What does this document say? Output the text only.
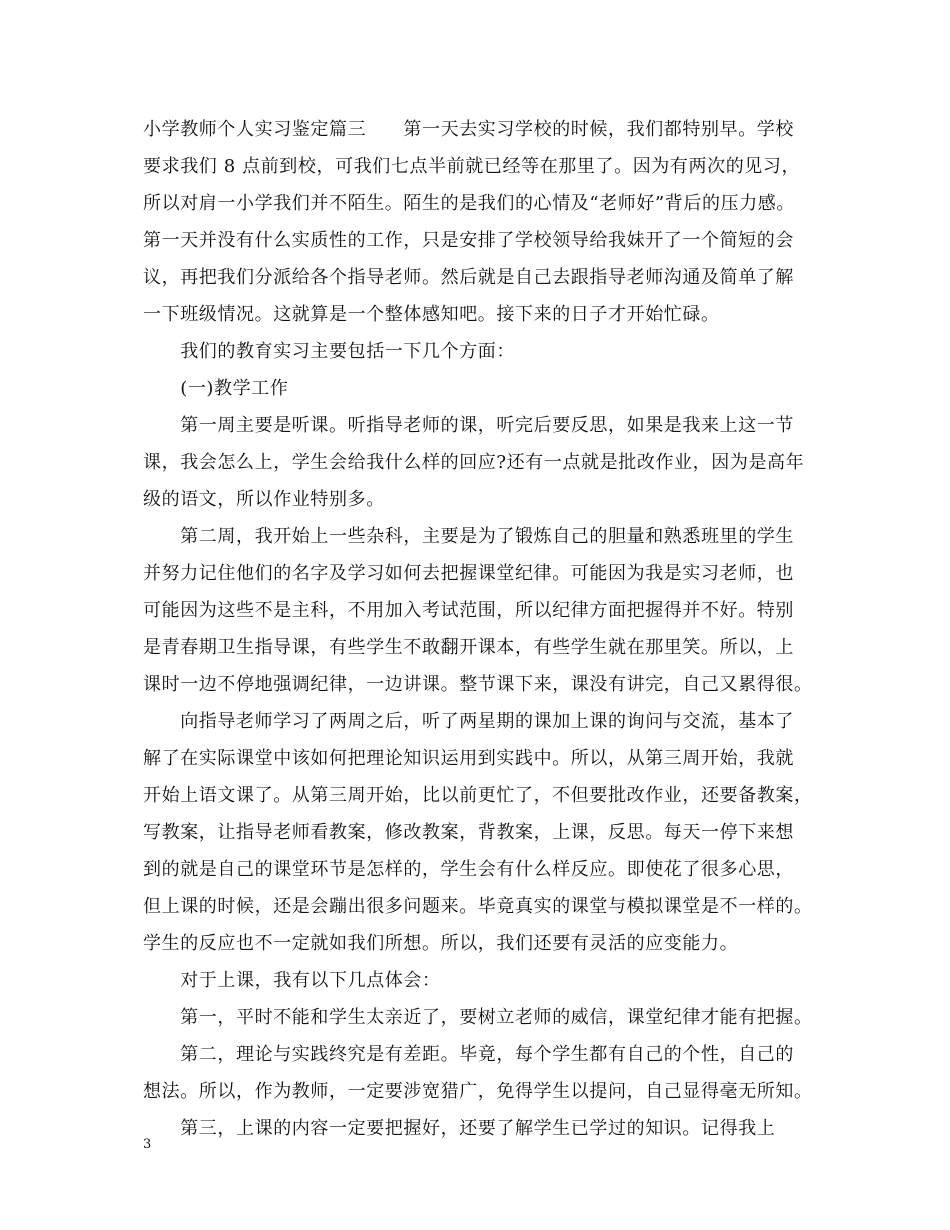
小学教师个人实习鉴定篇三　　第一天去实习学校的时候，我们都特别早。学校
要求我们 8 点前到校，可我们七点半前就已经等在那里了。因为有两次的见习，
所以对肩一小学我们并不陌生。陌生的是我们的心情及“老师好”背后的压力感。
第一天并没有什么实质性的工作，只是安排了学校领导给我妹开了一个简短的会
议，再把我们分派给各个指导老师。然后就是自己去跟指导老师沟通及简单了解
一下班级情况。这就算是一个整体感知吧。接下来的日子才开始忙碌。
　　我们的教育实习主要包括一下几个方面：
　　(一)教学工作
　　第一周主要是听课。听指导老师的课，听完后要反思，如果是我来上这一节
课，我会怎么上，学生会给我什么样的回应?还有一点就是批改作业，因为是高年
级的语文，所以作业特别多。
　　第二周，我开始上一些杂科，主要是为了锻炼自己的胆量和熟悉班里的学生
并努力记住他们的名字及学习如何去把握课堂纪律。可能因为我是实习老师，也
可能因为这些不是主科，不用加入考试范围，所以纪律方面把握得并不好。特别
是青春期卫生指导课，有些学生不敢翻开课本，有些学生就在那里笑。所以，上
课时一边不停地强调纪律，一边讲课。整节课下来，课没有讲完，自己又累得很。
　　向指导老师学习了两周之后，听了两星期的课加上课的询问与交流，基本了
解了在实际课堂中该如何把理论知识运用到实践中。所以，从第三周开始，我就
开始上语文课了。从第三周开始，比以前更忙了，不但要批改作业，还要备教案，
写教案，让指导老师看教案，修改教案，背教案，上课，反思。每天一停下来想
到的就是自己的课堂环节是怎样的，学生会有什么样反应。即使花了很多心思，
但上课的时候，还是会蹦出很多问题来。毕竟真实的课堂与模拟课堂是不一样的。
学生的反应也不一定就如我们所想。所以，我们还要有灵活的应变能力。
　　对于上课，我有以下几点体会：
　　第一，平时不能和学生太亲近了，要树立老师的威信，课堂纪律才能有把握。
　　第二，理论与实践终究是有差距。毕竟，每个学生都有自己的个性，自己的
想法。所以，作为教师，一定要涉宽猎广，免得学生以提问，自己显得毫无所知。
　　第三，上课的内容一定要把握好，还要了解学生已学过的知识。记得我上
3
